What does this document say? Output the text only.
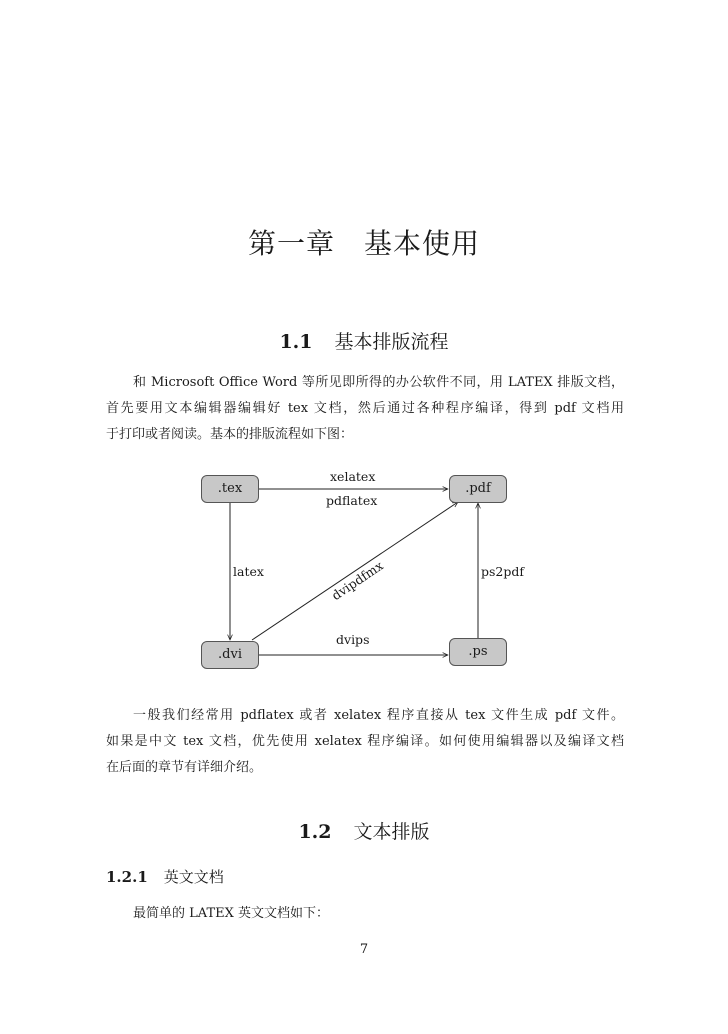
第一章　基本使用
1.1 基本排版流程
和 Microsoft Office Word 等所见即所得的办公软件不同，用 LATEX 排版文档，
首先要用文本编辑器编辑好 tex 文档，然后通过各种程序编译，得到 pdf 文档用
于打印或者阅读。基本的排版流程如下图：
.tex	.pdf
.dvi	.ps
xelatex
pdflatex
latex	dvipdfmx
dvips
ps2pdf
一般我们经常用 pdflatex 或者 xelatex 程序直接从 tex 文件生成 pdf 文件。
如果是中文 tex 文档，优先使用 xelatex 程序编译。如何使用编辑器以及编译文档
在后面的章节有详细介绍。
1.2 文本排版
1.2.1 英文文档
最简单的 LATEX 英文文档如下：
7
